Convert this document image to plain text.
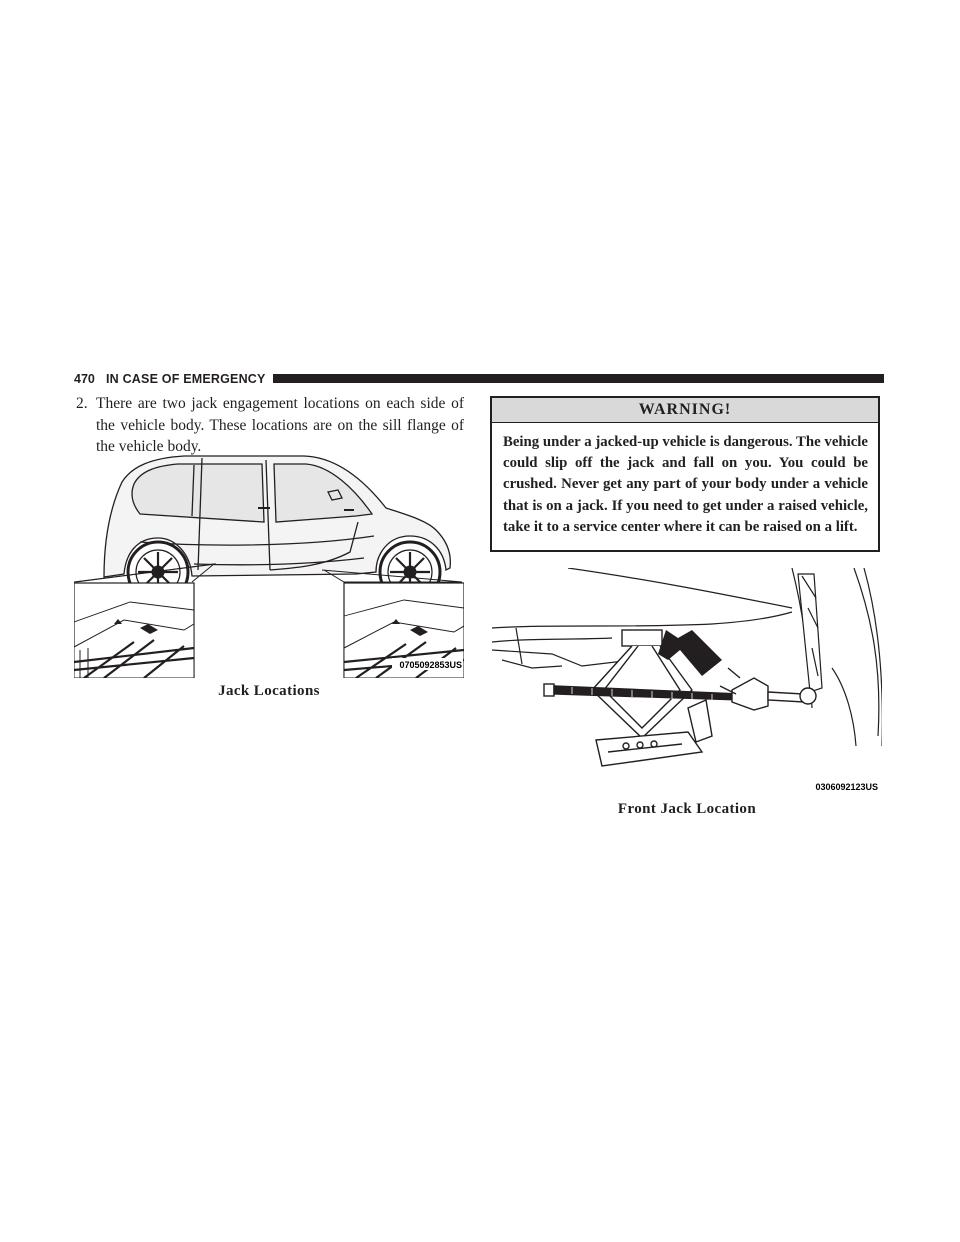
470 IN CASE OF EMERGENCY
2. There are two jack engagement locations on each side of the vehicle body. These locations are on the sill flange of the vehicle body.
0705092853US
Jack Locations
WARNING!
Being under a jacked-up vehicle is dangerous. The vehicle could slip off the jack and fall on you. You could be crushed. Never get any part of your body under a vehicle that is on a jack. If you need to get under a raised vehicle, take it to a service center where it can be raised on a lift.
0306092123US
Front Jack Location
